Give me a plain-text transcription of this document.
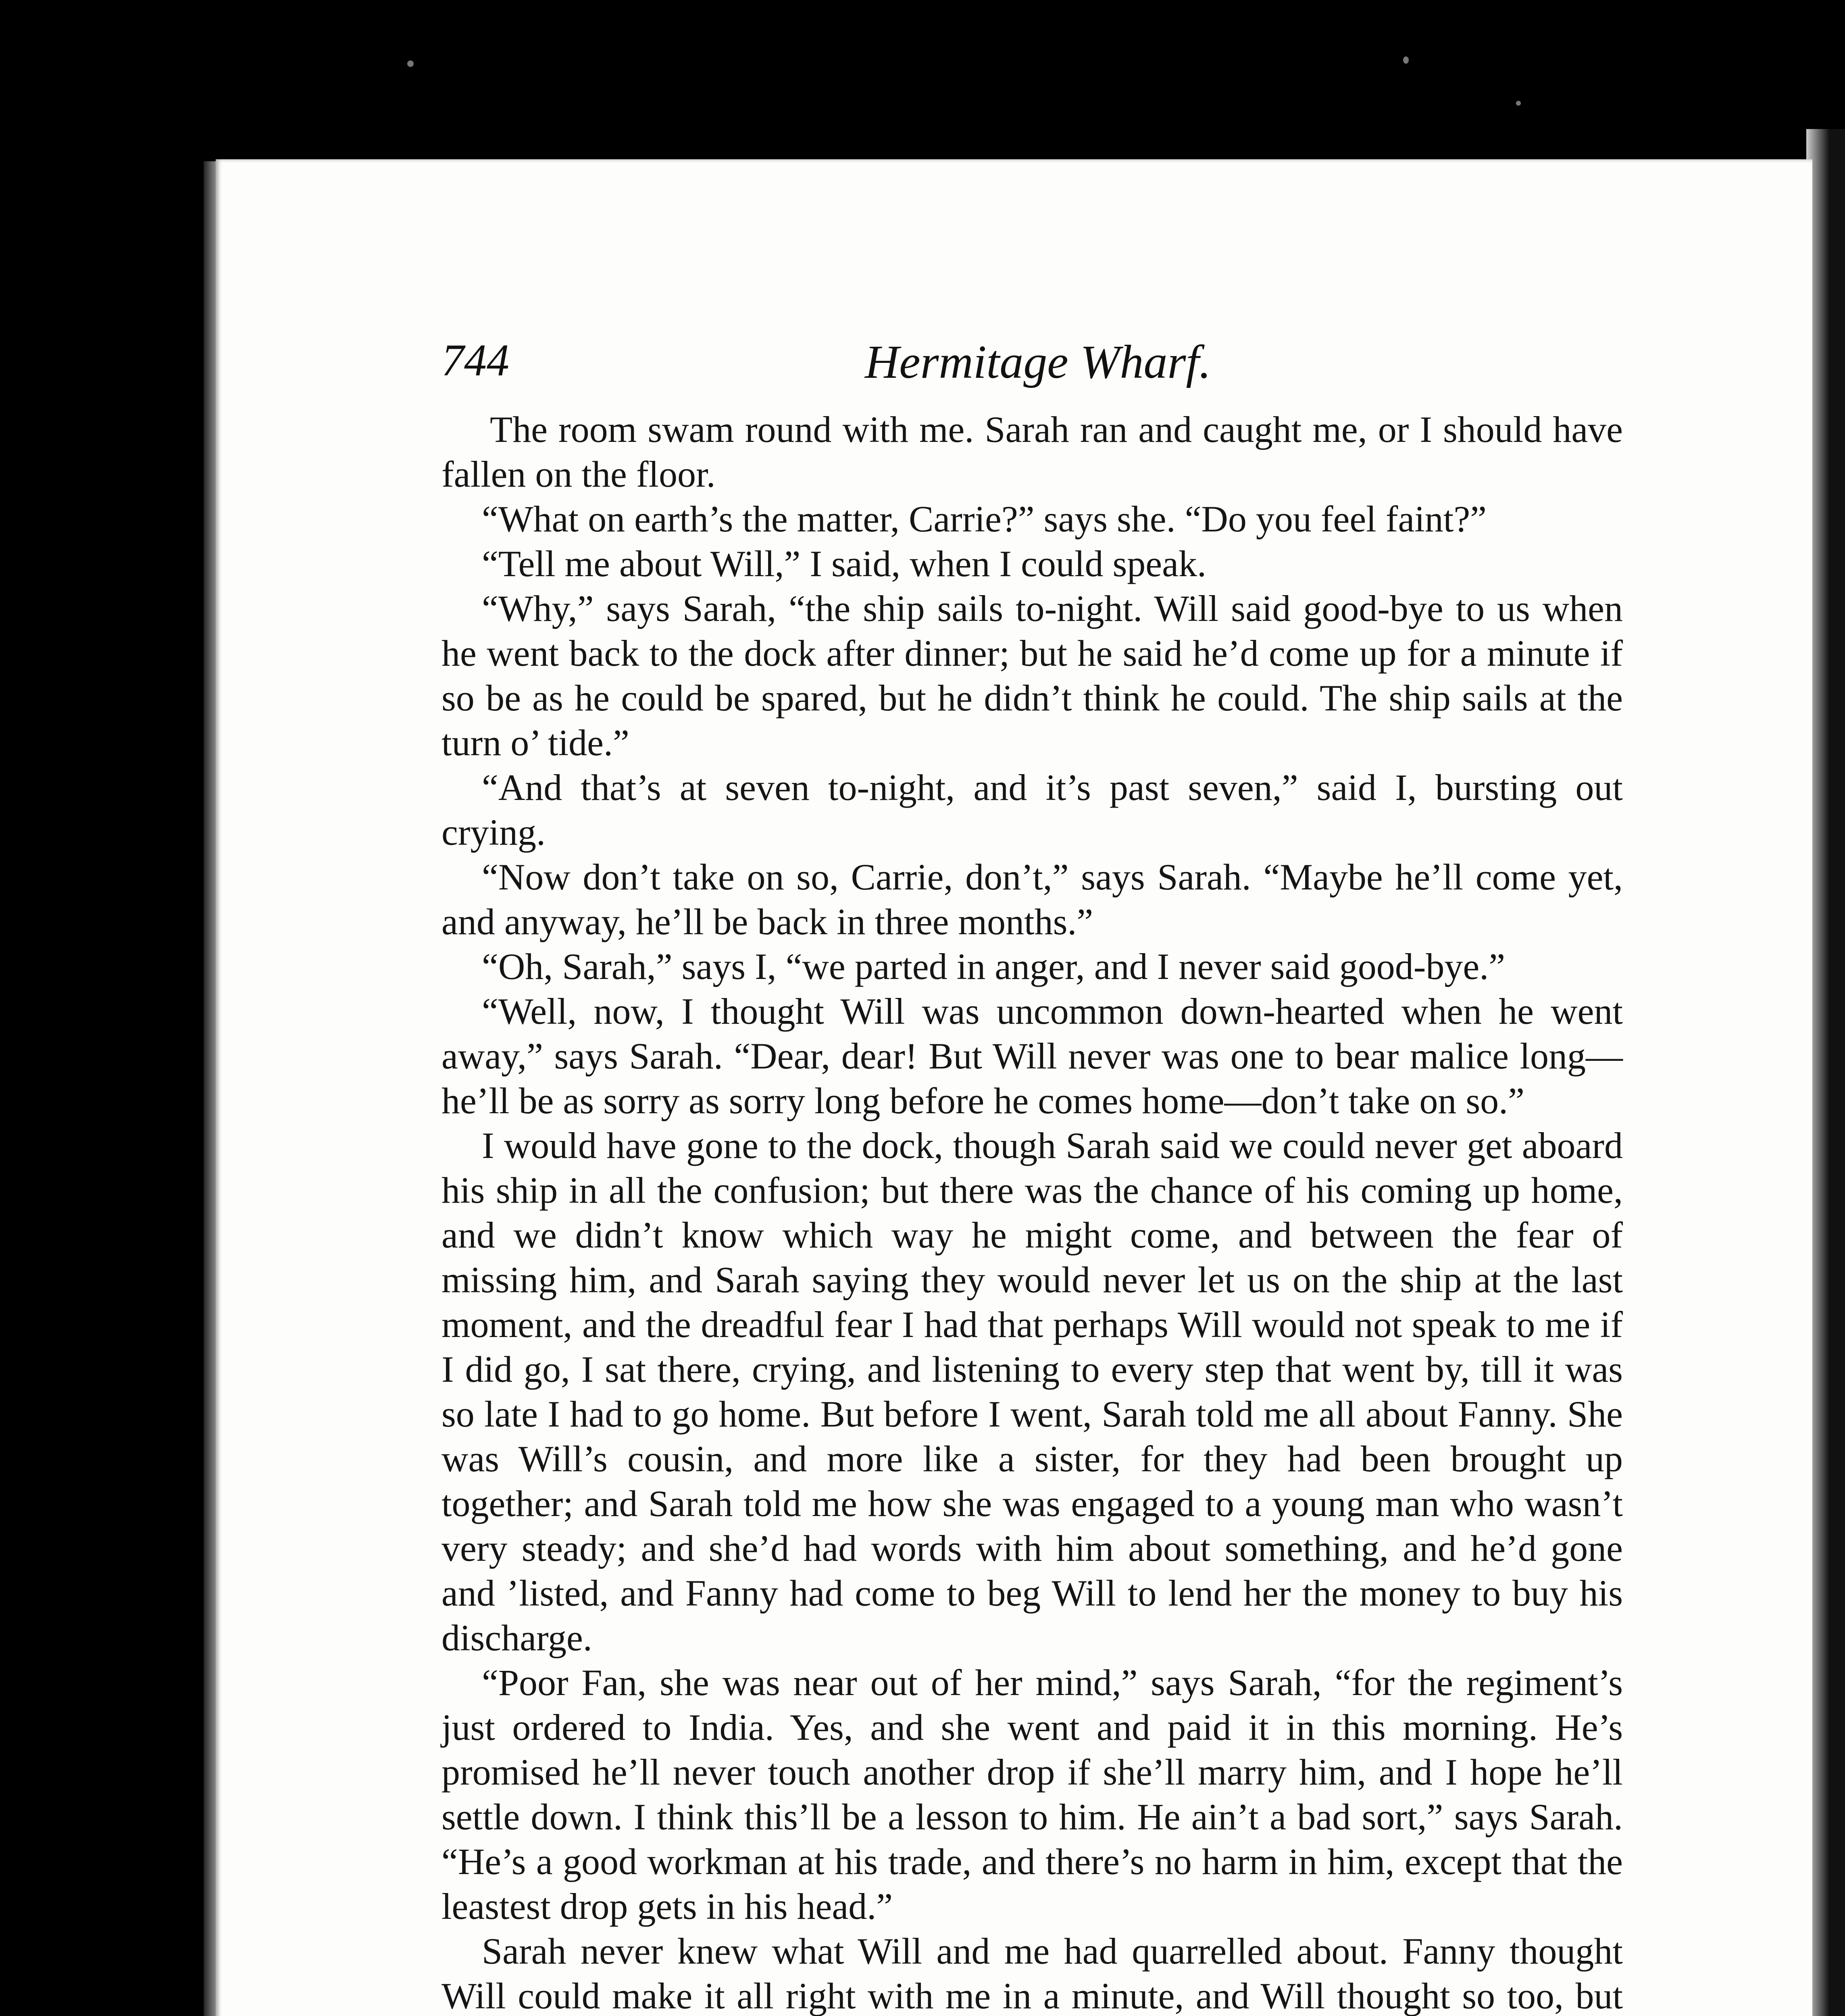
744	Hermitage Wharf.

The room swam round with me. Sarah ran and caught me, or I should have fallen on the floor.

“What on earth’s the matter, Carrie?” says she. “Do you feel faint?”

“Tell me about Will,” I said, when I could speak.

“Why,” says Sarah, “the ship sails to-night. Will said good-bye to us when he went back to the dock after dinner; but he said he’d come up for a minute if so be as he could be spared, but he didn’t think he could. The ship sails at the turn o’ tide.”

“And that’s at seven to-night, and it’s past seven,” said I, bursting out crying.

“Now don’t take on so, Carrie, don’t,” says Sarah. “Maybe he’ll come yet, and anyway, he’ll be back in three months.”

“Oh, Sarah,” says I, “we parted in anger, and I never said good-bye.”

“Well, now, I thought Will was uncommon down-hearted when he went away,” says Sarah. “Dear, dear! But Will never was one to bear malice long—he’ll be as sorry as sorry long before he comes home—don’t take on so.”

I would have gone to the dock, though Sarah said we could never get aboard his ship in all the confusion; but there was the chance of his coming up home, and we didn’t know which way he might come, and between the fear of missing him, and Sarah saying they would never let us on the ship at the last moment, and the dreadful fear I had that perhaps Will would not speak to me if I did go, I sat there, crying, and listening to every step that went by, till it was so late I had to go home. But before I went, Sarah told me all about Fanny. She was Will’s cousin, and more like a sister, for they had been brought up together; and Sarah told me how she was engaged to a young man who wasn’t very steady; and she’d had words with him about something, and he’d gone and ’listed, and Fanny had come to beg Will to lend her the money to buy his discharge.

“Poor Fan, she was near out of her mind,” says Sarah, “for the regiment’s just ordered to India. Yes, and she went and paid it in this morning. He’s promised he’ll never touch another drop if she’ll marry him, and I hope he’ll settle down. I think this’ll be a lesson to him. He ain’t a bad sort,” says Sarah. “He’s a good workman at his trade, and there’s no harm in him, except that the leastest drop gets in his head.”

Sarah never knew what Will and me had quarrelled about. Fanny thought Will could make it all right with me in a minute, and Will thought so too, but
